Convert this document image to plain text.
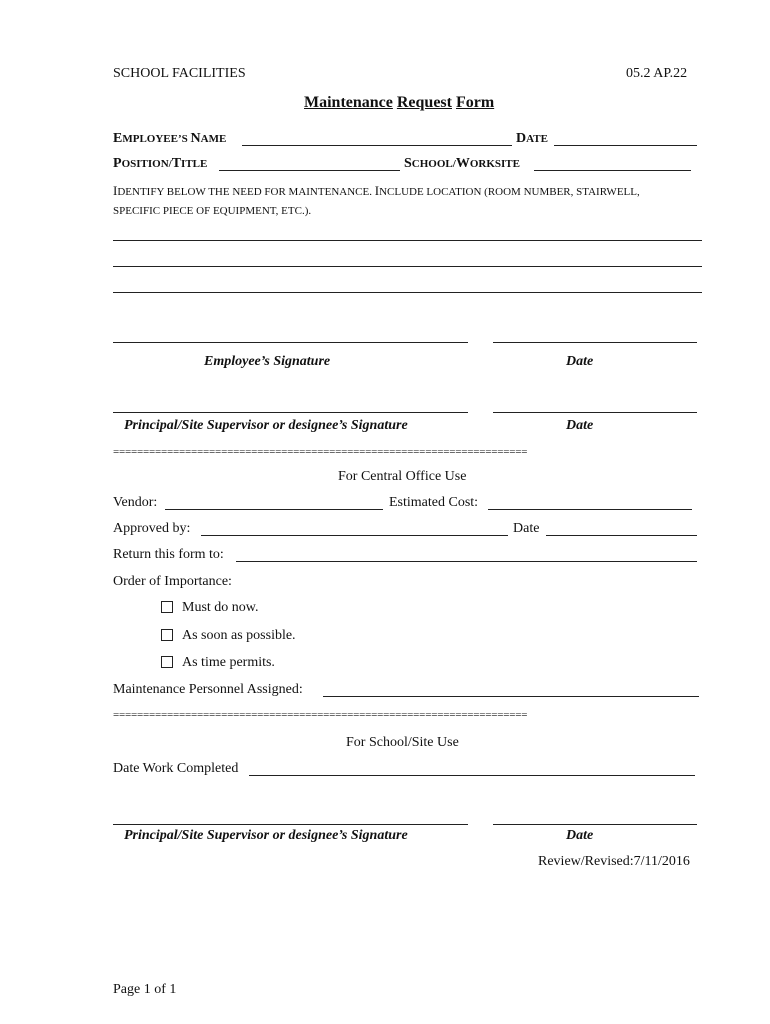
SCHOOL FACILITIES	05.2 AP.22
Maintenance Request Form
EMPLOYEE’S NAME	DATE
POSITION/TITLE	SCHOOL/WORKSITE
IDENTIFY BELOW THE NEED FOR MAINTENANCE. INCLUDE LOCATION (ROOM NUMBER, STAIRWELL,
SPECIFIC PIECE OF EQUIPMENT, ETC.).
Employee’s Signature	Date
Principal/Site Supervisor or designee’s Signature	Date
=====================================================================
For Central Office Use
Vendor:	Estimated Cost:
Approved by:	Date
Return this form to:
Order of Importance:
Must do now.
As soon as possible.
As time permits.
Maintenance Personnel Assigned:
=====================================================================
For School/Site Use
Date Work Completed
Principal/Site Supervisor or designee’s Signature	Date
Review/Revised:7/11/2016
Page 1 of 1
